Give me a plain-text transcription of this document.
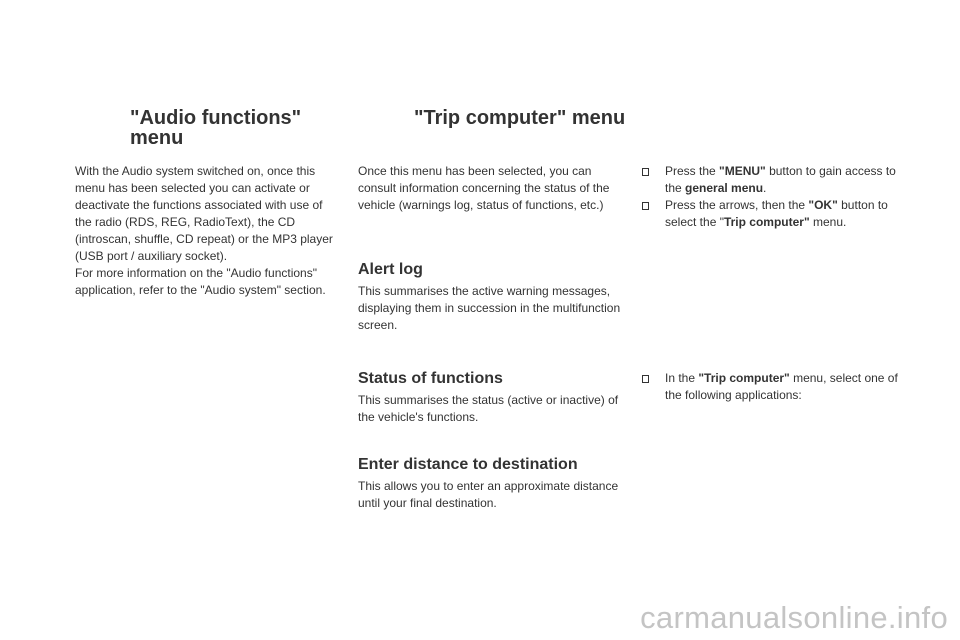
"Audio functions"
menu

With the Audio system switched on, once this menu has been selected you can activate or deactivate the functions associated with use of the radio (RDS, REG, RadioText), the CD (introscan, shuffle, CD repeat) or the MP3 player (USB port / auxiliary socket).

For more information on the "Audio functions" application, refer to the "Audio system" section.

"Trip computer" menu

Once this menu has been selected, you can consult information concerning the status of the vehicle (warnings log, status of functions, etc.)

Alert log

This summarises the active warning messages, displaying them in succession in the multifunction screen.

Status of functions

This summarises the status (active or inactive) of the vehicle's functions.

Enter distance to destination

This allows you to enter an approximate distance until your final destination.

Press the "MENU" button to gain access to the general menu.
Press the arrows, then the "OK" button to select the "Trip computer" menu.
In the "Trip computer" menu, select one of the following applications:
carmanualsonline.info
